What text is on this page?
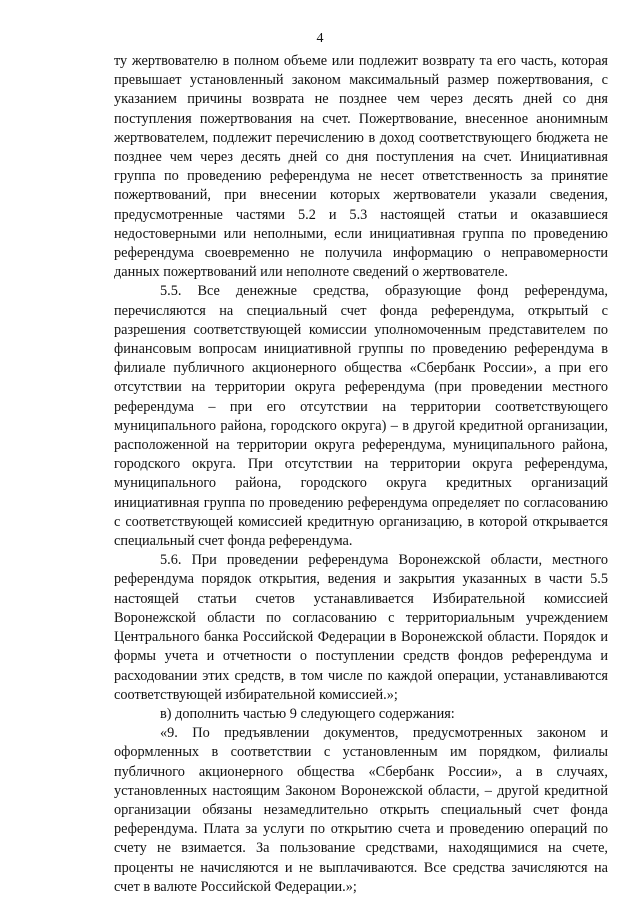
4

ту жертвователю в полном объеме или подлежит возврату та его часть, которая превышает установленный законом максимальный размер пожертвования, с указанием причины возврата не позднее чем через десять дней со дня поступления пожертвования на счет. Пожертвование, внесенное анонимным жертвователем, подлежит перечислению в доход соответствующего бюджета не позднее чем через десять дней со дня поступления на счет. Инициативная группа по проведению референдума не несет ответственность за принятие пожертвований, при внесении которых жертвователи указали сведения, предусмотренные частями 5.2 и 5.3 настоящей статьи и оказавшиеся недостоверными или неполными, если инициативная группа по проведению референдума своевременно не получила информацию о неправомерности данных пожертвований или неполноте сведений о жертвователе.

5.5. Все денежные средства, образующие фонд референдума, перечисляются на специальный счет фонда референдума, открытый с разрешения соответствующей комиссии уполномоченным представителем по финансовым вопросам инициативной группы по проведению референдума в филиале публичного акционерного общества «Сбербанк России», а при его отсутствии на территории округа референдума (при проведении местного референдума – при его отсутствии на территории соответствующего муниципального района, городского округа) – в другой кредитной организации, расположенной на территории округа референдума, муниципального района, городского округа. При отсутствии на территории округа референдума, муниципального района, городского округа кредитных организаций инициативная группа по проведению референдума определяет по согласованию с соответствующей комиссией кредитную организацию, в которой открывается специальный счет фонда референдума.

5.6. При проведении референдума Воронежской области, местного референдума порядок открытия, ведения и закрытия указанных в части 5.5 настоящей статьи счетов устанавливается Избирательной комиссией Воронежской области по согласованию с территориальным учреждением Центрального банка Российской Федерации в Воронежской области. Порядок и формы учета и отчетности о поступлении средств фондов референдума и расходовании этих средств, в том числе по каждой операции, устанавливаются соответствующей избирательной комиссией.»;

в) дополнить частью 9 следующего содержания:

«9. По предъявлении документов, предусмотренных законом и оформленных в соответствии с установленным им порядком, филиалы публичного акционерного общества «Сбербанк России», а в случаях, установленных настоящим Законом Воронежской области, – другой кредитной организации обязаны незамедлительно открыть специальный счет фонда референдума. Плата за услуги по открытию счета и проведению операций по счету не взимается. За пользование средствами, находящимися на счете, проценты не начисляются и не выплачиваются. Все средства зачисляются на счет в валюте Российской Федерации.»;
